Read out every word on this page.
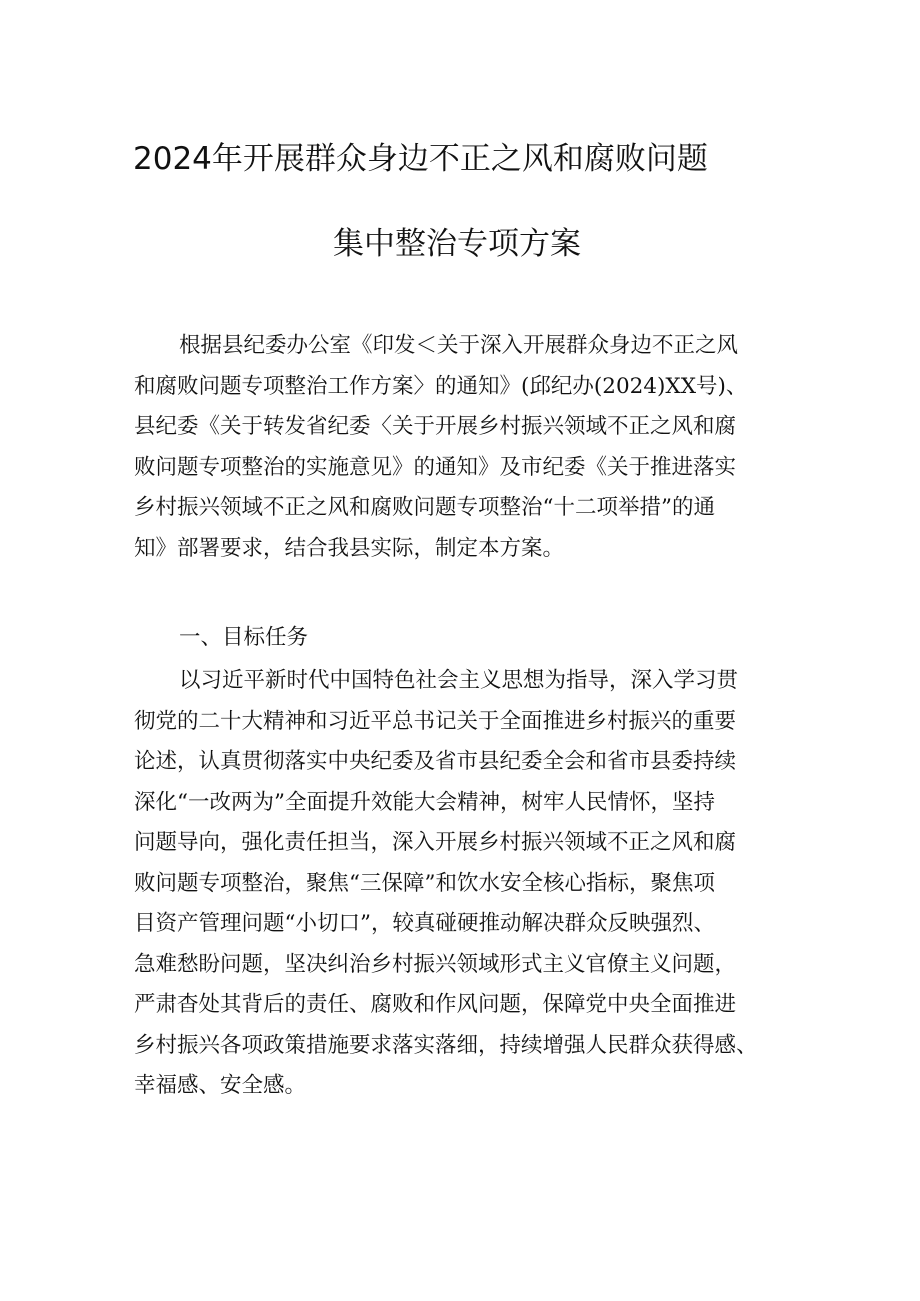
2024年开展群众身边不正之风和腐败问题
集中整治专项方案
根据县纪委办公室《印发＜关于深入开展群众身边不正之风
和腐败问题专项整治工作方案〉的通知》(邱纪办(2024)XX号)、
县纪委《关于转发省纪委〈关于开展乡村振兴领域不正之风和腐
败问题专项整治的实施意见》的通知》及市纪委《关于推进落实
乡村振兴领域不正之风和腐败问题专项整治“十二项举措”的通
知》部署要求，结合我县实际，制定本方案。
一、目标任务
以习近平新时代中国特色社会主义思想为指导，深入学习贯
彻党的二十大精神和习近平总书记关于全面推进乡村振兴的重要
论述，认真贯彻落实中央纪委及省市县纪委全会和省市县委持续
深化“一改两为”全面提升效能大会精神，树牢人民情怀，坚持
问题导向，强化责任担当，深入开展乡村振兴领域不正之风和腐
败问题专项整治，聚焦“三保障”和饮水安全核心指标，聚焦项
目资产管理问题“小切口”，较真碰硬推动解决群众反映强烈、
急难愁盼问题，坚决纠治乡村振兴领域形式主义官僚主义问题，
严肃杳处其背后的责任、腐败和作风问题，保障党中央全面推进
乡村振兴各项政策措施要求落实落细，持续增强人民群众获得感、
幸福感、安全感。
